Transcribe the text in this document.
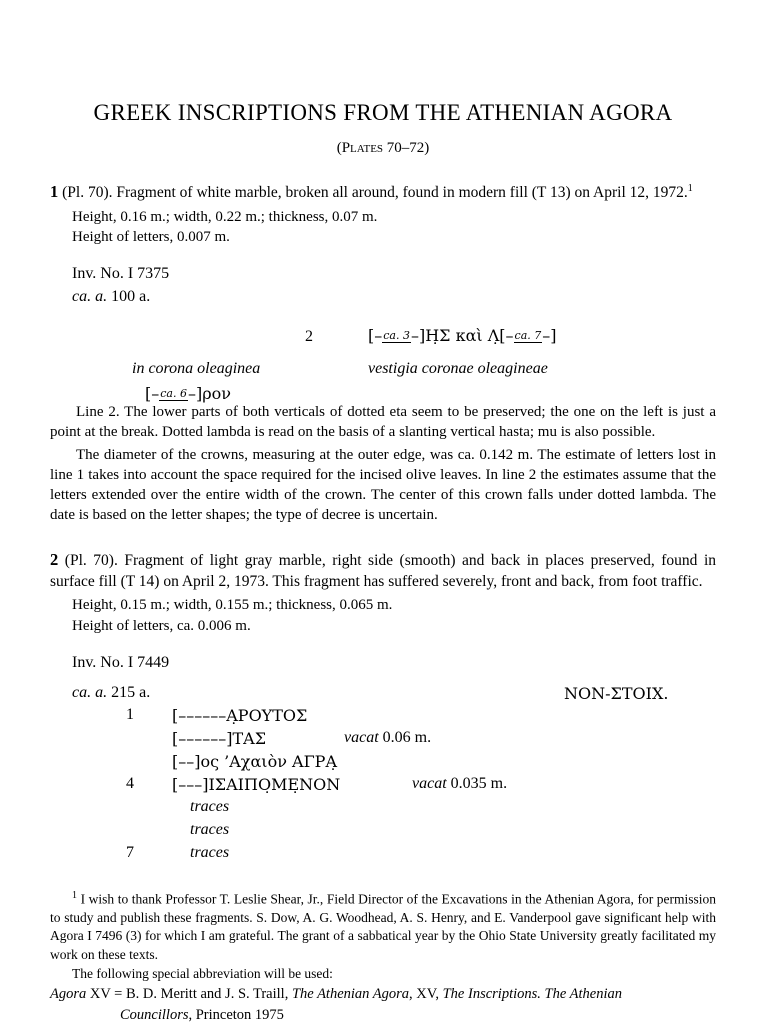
GREEK INSCRIPTIONS FROM THE ATHENIAN AGORA
(Plates 70–72)

1 (Pl. 70). Fragment of white marble, broken all around, found in modern fill (T 13) on April 12, 1972.$^1$

Height, 0.16 m.; width, 0.22 m.; thickness, 0.07 m.
Height of letters, 0.007 m.
Inv. No. I 7375
ca. a. 100 a.
2	[– ca. 3 –]Η̣Σ καὶ Λ̣[– ca. 7 –]
in corona oleaginea	vestigia coronae oleagineae
[– ca. 6 –]ρον

Line 2. The lower parts of both verticals of dotted eta seem to be preserved; the one on the left is just a point at the break. Dotted lambda is read on the basis of a slanting vertical hasta; mu is also possible.

The diameter of the crowns, measuring at the outer edge, was ca. 0.142 m. The estimate of letters lost in line 1 takes into account the space required for the incised olive leaves. In line 2 the estimates assume that the letters extended over the entire width of the crown. The center of this crown falls under dotted lambda. The date is based on the letter shapes; the type of decree is uncertain.

2 (Pl. 70). Fragment of light gray marble, right side (smooth) and back in places preserved, found in surface fill (T 14) on April 2, 1973. This fragment has suffered severely, front and back, from foot traffic.

Height, 0.15 m.; width, 0.155 m.; thickness, 0.065 m.
Height of letters, ca. 0.006 m.
Inv. No. I 7449
ca. a. 215 a.	NON-ΣΤΟΙΧ.
1 [––––––Α̣ΡΟΥΤΟΣ
[––––––]ΤΑΣ	vacat 0.06 m.
[––]ος ’Αχαιὸν ΑΓΡΑ̣
4 [–––]ΙΣΑΙΠΟ̣ΜΕ̣ΝΟΝ	vacat 0.035 m.
traces
traces
7	traces

$^1$ I wish to thank Professor T. Leslie Shear, Jr., Field Director of the Excavations in the Athenian Agora, for permission to study and publish these fragments. S. Dow, A. G. Woodhead, A. S. Henry, and E. Vanderpool gave significant help with Agora I 7496 (3) for which I am grateful. The grant of a sabbatical year by the Ohio State University greatly facilitated my work on these texts.

The following special abbreviation will be used:

Agora XV = B. D. Meritt and J. S. Traill, The Athenian Agora, XV, The Inscriptions. The Athenian
Councillors, Princeton 1975
